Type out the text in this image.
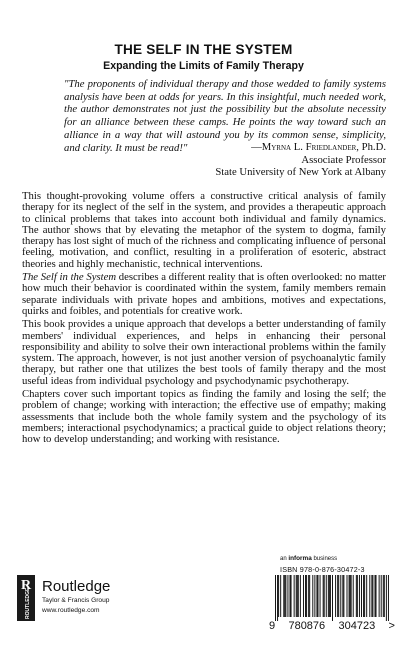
THE SELF IN THE SYSTEM
Expanding the Limits of Family Therapy
"The proponents of individual therapy and those wedded to family systems analysis have been at odds for years. In this insightful, much needed work, the author demonstrates not just the possibility but the absolute necessity for an alliance between these camps. He points the way toward such an alliance in a way that will astound you by its common sense, simplicity, and clarity. It must be read!"	—Myrna L. Friedlander, Ph.D.
Associate Professor
State University of New York at Albany

This thought-provoking volume offers a constructive critical analysis of family therapy for its neglect of the self in the system, and provides a therapeutic approach to clinical problems that takes into account both individual and family dynamics. The author shows that by elevating the metaphor of the system to dogma, family therapy has lost sight of much of the richness and complicating influence of personal feeling, motivation, and conflict, resulting in a proliferation of esoteric, abstract theories and highly mechanistic, technical interventions.

The Self in the System describes a different reality that is often overlooked: no matter how much their behavior is coordinated within the system, family members remain separate individuals with private hopes and ambitions, motives and expectations, quirks and foibles, and potentials for creative work.

This book provides a unique approach that develops a better understanding of family members' individual experiences, and helps in enhancing their personal responsibility and ability to solve their own interactional problems within the family system. The approach, however, is not just another version of psychoanalytic family therapy, but rather one that utilizes the best tools of family therapy and the most useful ideas from individual psychology and psychodynamic psychotherapy.

Chapters cover such important topics as finding the family and losing the self; the problem of change; working with interaction; the effective use of empathy; making assessments that include both the whole family system and the psychology of its members; interactional psychodynamics; a practical guide to object relations theory; how to develop understanding; and working with resistance.

an informa business
ISBN 978-0-876-30472-3
R
ROUTLEDGE
Routledge
Taylor & Francis Group
www.routledge.com
9 780876 304723 >
